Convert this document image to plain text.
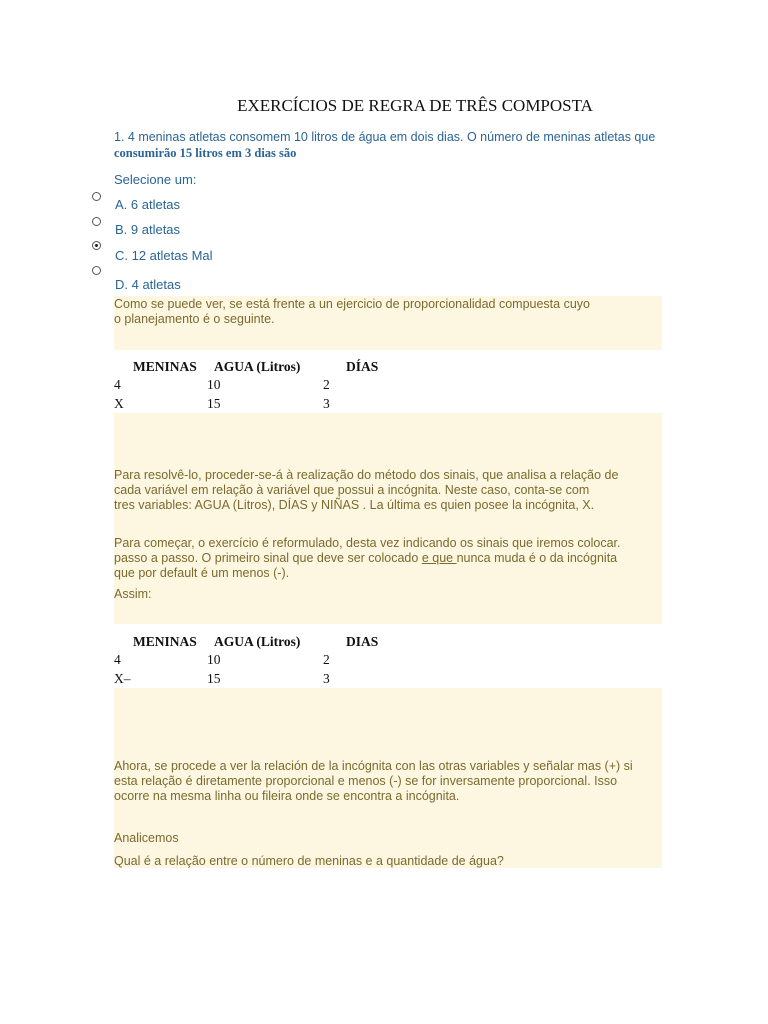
EXERCÍCIOS DE REGRA DE TRÊS COMPOSTA
1. 4 meninas atletas consomem 10 litros de água em dois dias. O número de meninas atletas que
consumirão 15 litros em 3 dias são
Selecione um:
A. 6 atletas
B. 9 atletas
C. 12 atletas Mal
D. 4 atletas
Como se puede ver, se está frente a un ejercicio de proporcionalidad compuesta cuyo
o planejamento é o seguinte.
MENINAS AGUA (Litros)	DÍAS
4	10	2
X	15	3
Para resolvê-lo, proceder-se-á à realização do método dos sinais, que analisa a relação de
cada variável em relação à variável que possui a incógnita. Neste caso, conta-se com
tres variables: AGUA (Litros), DÍAS y NIÑAS . La última es quien posee la incógnita, X.
Para começar, o exercício é reformulado, desta vez indicando os sinais que iremos colocar.
passo a passo. O primeiro sinal que deve ser colocado e que nunca muda é o da incógnita
que por default é um menos (-).
Assim:
MENINAS AGUA (Litros)	DIAS
4	10	2
X–	15	3
Ahora, se procede a ver la relación de la incógnita con las otras variables y señalar mas (+) si
esta relação é diretamente proporcional e menos (-) se for inversamente proporcional. Isso
ocorre na mesma linha ou fileira onde se encontra a incógnita.
Analicemos
Qual é a relação entre o número de meninas e a quantidade de água?
